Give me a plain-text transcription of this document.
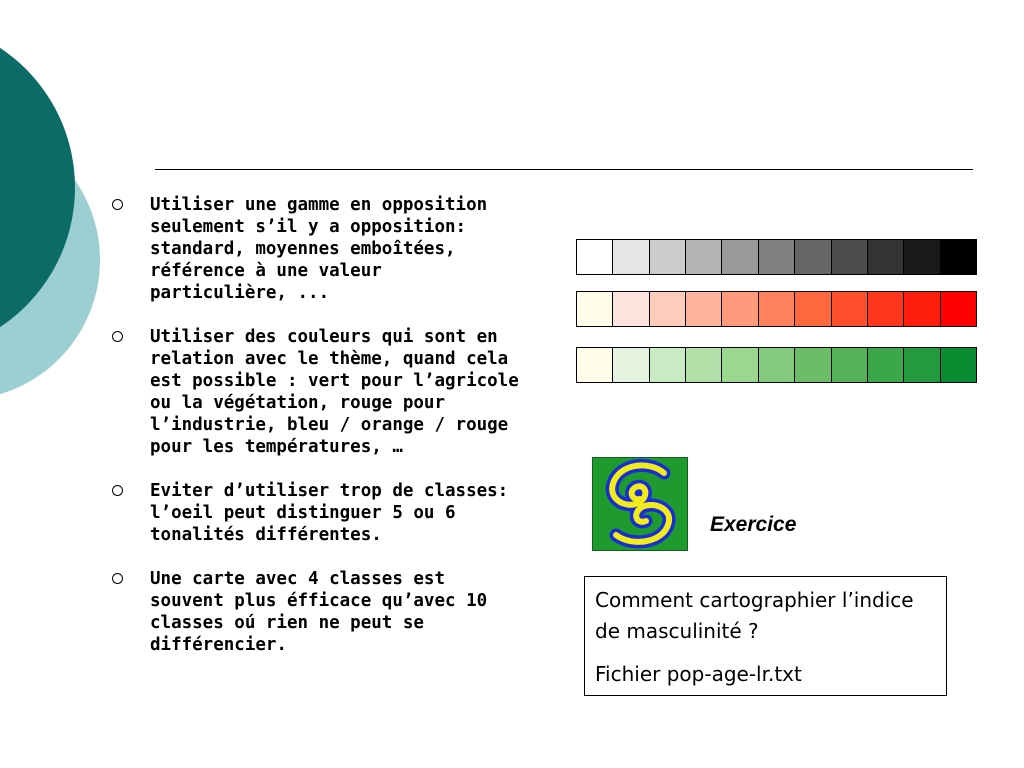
Utiliser une gamme en opposition seulement s’il y a opposition: standard, moyennes emboîtées, référence à une valeur particulière, ...
Utiliser des couleurs qui sont en relation avec le thème, quand cela est possible : vert pour l’agricole ou la végétation, rouge pour l’industrie, bleu / orange / rouge pour les températures, …
Eviter d’utiliser trop de classes: l’oeil peut distinguer 5 ou 6 tonalités différentes.
Une carte avec 4 classes est souvent plus éfficace qu’avec 10 classes oú rien ne peut se différencier.
Exercice

Comment cartographier l’indice de masculinité ?

Fichier pop-age-lr.txt
